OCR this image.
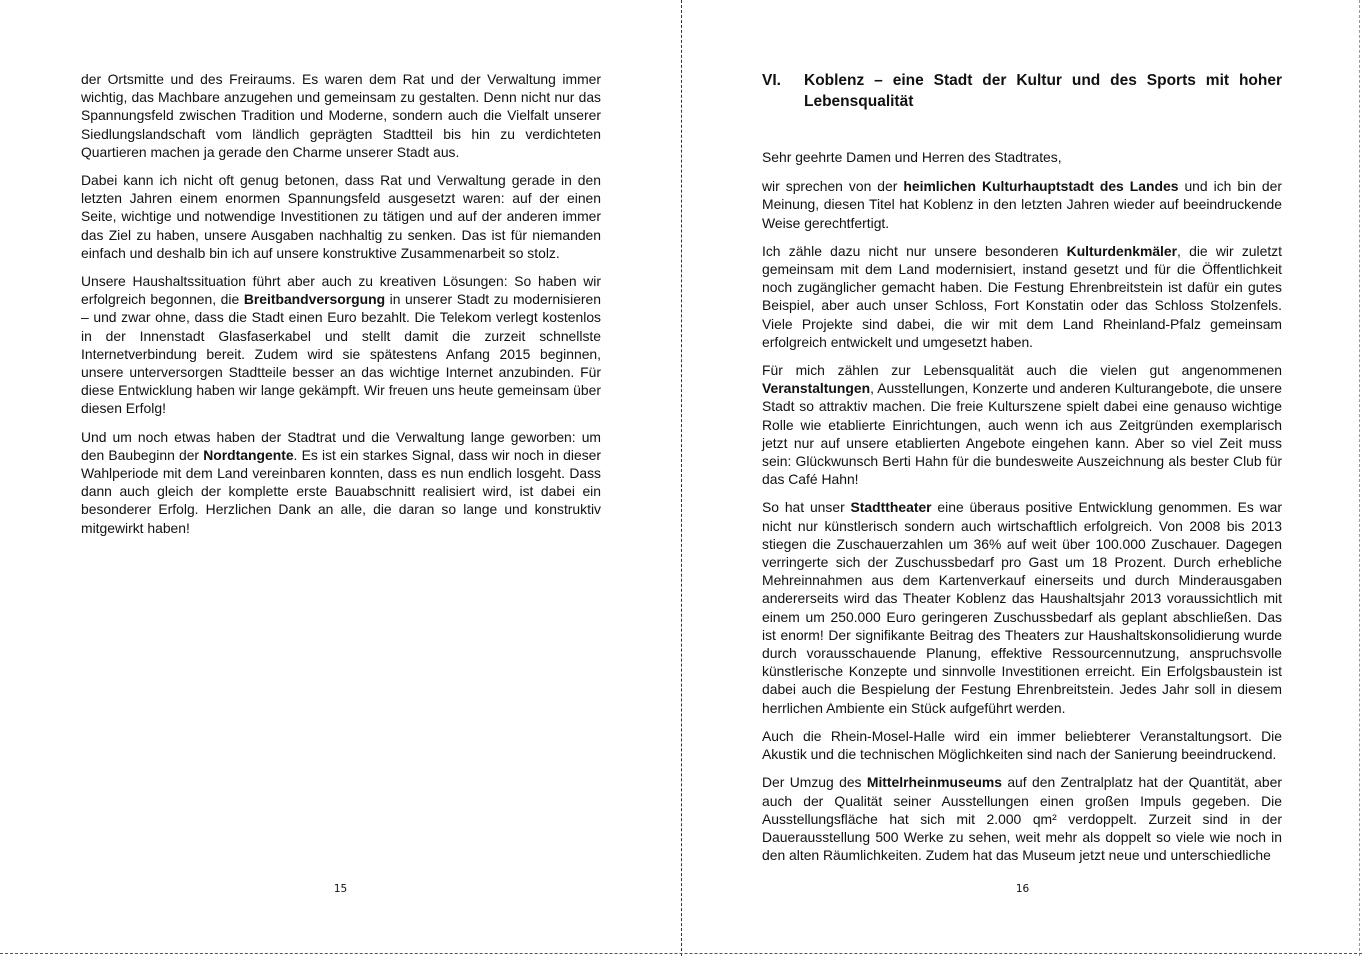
der Ortsmitte und des Freiraums. Es waren dem Rat und der Verwaltung immer wichtig, das Machbare anzugehen und gemeinsam zu gestalten. Denn nicht nur das Spannungsfeld zwischen Tradition und Moderne, sondern auch die Vielfalt unserer Siedlungslandschaft vom ländlich geprägten Stadtteil bis hin zu verdichteten Quartieren machen ja gerade den Charme unserer Stadt aus.

Dabei kann ich nicht oft genug betonen, dass Rat und Verwaltung gerade in den letzten Jahren einem enormen Spannungsfeld ausgesetzt waren: auf der einen Seite, wichtige und notwendige Investitionen zu tätigen und auf der anderen immer das Ziel zu haben, unsere Ausgaben nachhaltig zu senken. Das ist für niemanden einfach und deshalb bin ich auf unsere konstruktive Zusammenarbeit so stolz.

Unsere Haushaltssituation führt aber auch zu kreativen Lösungen: So haben wir erfolgreich begonnen, die Breitbandversorgung in unserer Stadt zu modernisieren – und zwar ohne, dass die Stadt einen Euro bezahlt. Die Telekom verlegt kostenlos in der Innenstadt Glasfaserkabel und stellt damit die zurzeit schnellste Internetverbindung bereit. Zudem wird sie spätestens Anfang 2015 beginnen, unsere unterversorgen Stadtteile besser an das wichtige Internet anzubinden. Für diese Entwicklung haben wir lange gekämpft. Wir freuen uns heute gemeinsam über diesen Erfolg!

Und um noch etwas haben der Stadtrat und die Verwaltung lange geworben: um den Baubeginn der Nordtangente. Es ist ein starkes Signal, dass wir noch in dieser Wahlperiode mit dem Land vereinbaren konnten, dass es nun endlich losgeht. Dass dann auch gleich der komplette erste Bauabschnitt realisiert wird, ist dabei ein besonderer Erfolg. Herzlichen Dank an alle, die daran so lange und konstruktiv mitgewirkt haben!

15
VI.	Koblenz – eine Stadt der Kultur und des Sports mit hoher Lebensqualität

Sehr geehrte Damen und Herren des Stadtrates,

wir sprechen von der heimlichen Kulturhauptstadt des Landes und ich bin der Meinung, diesen Titel hat Koblenz in den letzten Jahren wieder auf beeindruckende Weise gerechtfertigt.

Ich zähle dazu nicht nur unsere besonderen Kulturdenkmäler, die wir zuletzt gemeinsam mit dem Land modernisiert, instand gesetzt und für die Öffentlichkeit noch zugänglicher gemacht haben. Die Festung Ehrenbreitstein ist dafür ein gutes Beispiel, aber auch unser Schloss, Fort Konstatin oder das Schloss Stolzenfels. Viele Projekte sind dabei, die wir mit dem Land Rheinland-Pfalz gemeinsam erfolgreich entwickelt und umgesetzt haben.

Für mich zählen zur Lebensqualität auch die vielen gut angenommenen Veranstaltungen, Ausstellungen, Konzerte und anderen Kulturangebote, die unsere Stadt so attraktiv machen. Die freie Kulturszene spielt dabei eine genauso wichtige Rolle wie etablierte Einrichtungen, auch wenn ich aus Zeitgründen exemplarisch jetzt nur auf unsere etablierten Angebote eingehen kann. Aber so viel Zeit muss sein: Glückwunsch Berti Hahn für die bundesweite Auszeichnung als bester Club für das Café Hahn!

So hat unser Stadttheater eine überaus positive Entwicklung genommen. Es war nicht nur künstlerisch sondern auch wirtschaftlich erfolgreich. Von 2008 bis 2013 stiegen die Zuschauerzahlen um 36% auf weit über 100.000 Zuschauer. Dagegen verringerte sich der Zuschussbedarf pro Gast um 18 Prozent. Durch erhebliche Mehreinnahmen aus dem Kartenverkauf einerseits und durch Minderausgaben andererseits wird das Theater Koblenz das Haushaltsjahr 2013 voraussichtlich mit einem um 250.000 Euro geringeren Zuschussbedarf als geplant abschließen. Das ist enorm! Der signifikante Beitrag des Theaters zur Haushaltskonsolidierung wurde durch vorausschauende Planung, effektive Ressourcennutzung, anspruchsvolle künstlerische Konzepte und sinnvolle Investitionen erreicht. Ein Erfolgsbaustein ist dabei auch die Bespielung der Festung Ehrenbreitstein. Jedes Jahr soll in diesem herrlichen Ambiente ein Stück aufgeführt werden.

Auch die Rhein-Mosel-Halle wird ein immer beliebterer Veranstaltungsort. Die Akustik und die technischen Möglichkeiten sind nach der Sanierung beeindruckend.

Der Umzug des Mittelrheinmuseums auf den Zentralplatz hat der Quantität, aber auch der Qualität seiner Ausstellungen einen großen Impuls gegeben. Die Ausstellungsfläche hat sich mit 2.000 qm² verdoppelt. Zurzeit sind in der Dauerausstellung 500 Werke zu sehen, weit mehr als doppelt so viele wie noch in den alten Räumlichkeiten. Zudem hat das Museum jetzt neue und unterschiedliche

16
